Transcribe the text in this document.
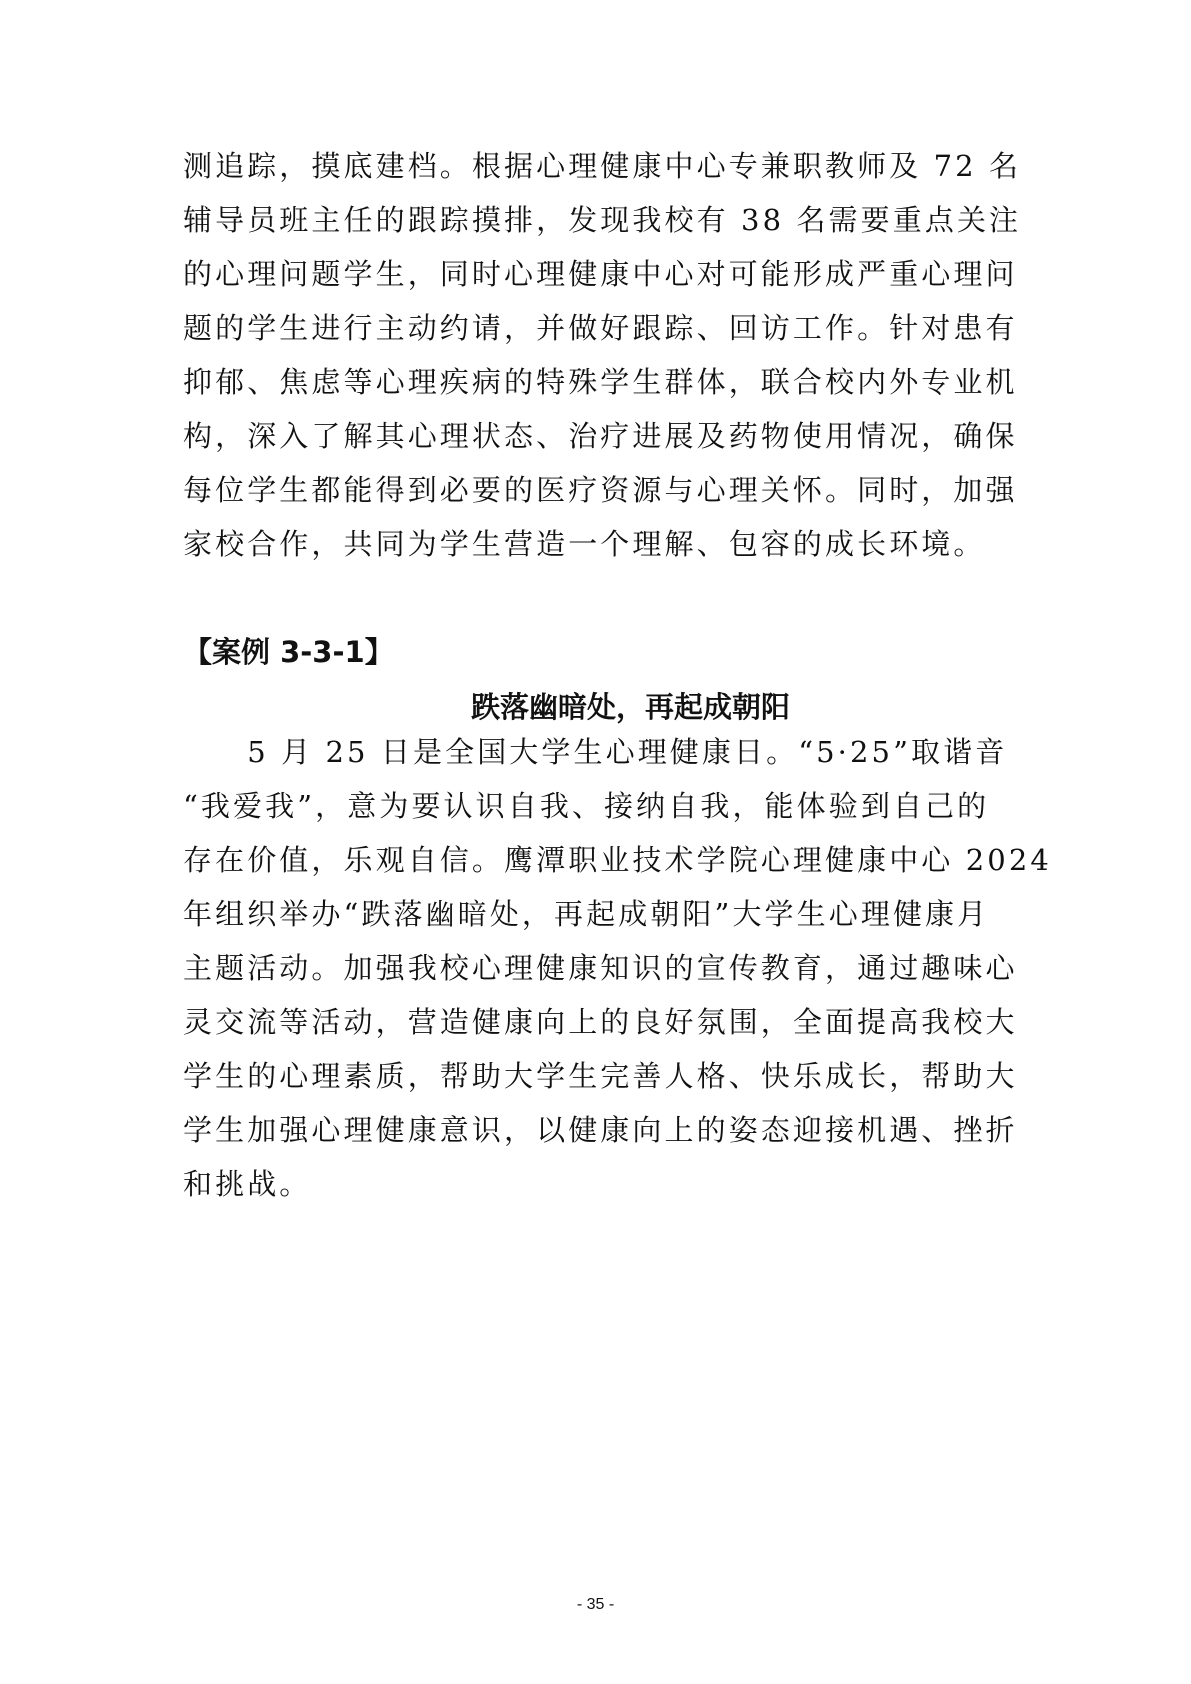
测追踪，摸底建档。根据心理健康中心专兼职教师及 72 名
辅导员班主任的跟踪摸排，发现我校有 38 名需要重点关注
的心理问题学生，同时心理健康中心对可能形成严重心理问
题的学生进行主动约请，并做好跟踪、回访工作。针对患有
抑郁、焦虑等心理疾病的特殊学生群体，联合校内外专业机
构，深入了解其心理状态、治疗进展及药物使用情况，确保
每位学生都能得到必要的医疗资源与心理关怀。同时，加强
家校合作，共同为学生营造一个理解、包容的成长环境。
【案例 3-3-1】
跌落幽暗处，再起成朝阳
　　5 月 25 日是全国大学生心理健康日。“5·25”取谐音
“我爱我”，意为要认识自我、接纳自我，能体验到自己的
存在价值，乐观自信。鹰潭职业技术学院心理健康中心 2024
年组织举办“跌落幽暗处，再起成朝阳”大学生心理健康月
主题活动。加强我校心理健康知识的宣传教育，通过趣味心
灵交流等活动，营造健康向上的良好氛围，全面提高我校大
学生的心理素质，帮助大学生完善人格、快乐成长，帮助大
学生加强心理健康意识，以健康向上的姿态迎接机遇、挫折
和挑战。
- 35 -
